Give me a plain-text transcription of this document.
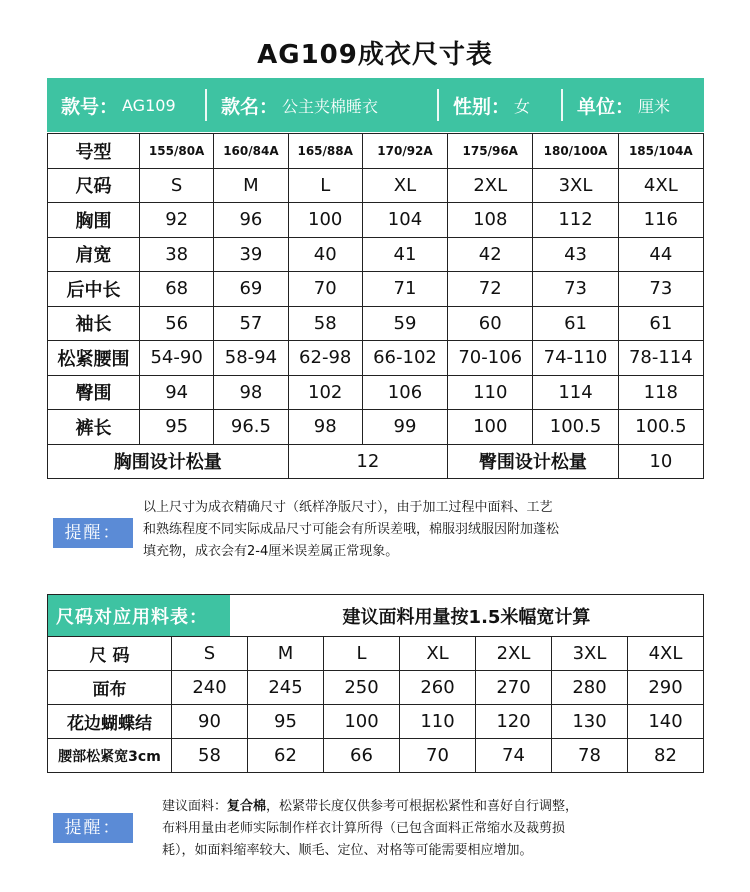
AG109成衣尺寸表
款号： AG109 款名： 公主夹棉睡衣	性别： 女 单位： 厘米
号型	155/80A	160/84A	165/88A	170/92A	175/96A	180/100A	185/104A
尺码	S	M	L	XL	2XL	3XL	4XL
胸围	92	96	100	104	108	112	116
肩宽	38	39	40	41	42	43	44
后中长	68	69	70	71	72	73	73
袖长	56	57	58	59	60	61	61
松紧腰围	54-90	58-94	62-98	66-102	70-106	74-110	78-114
臀围	94	98	102	106	110	114	118
裤长	95	96.5	98	99	100	100.5	100.5
胸围设计松量			12		臀围设计松量		10
提醒：
以上尺寸为成衣精确尺寸（纸样净版尺寸），由于加工过程中面料、工艺
和熟练程度不同实际成品尺寸可能会有所误差哦，棉服羽绒服因附加蓬松
填充物，成衣会有2-4厘米误差属正常现象。
尺码对应用料表：	建议面料用量按1.5米幅宽计算
尺 码	S	M	L	XL	2XL	3XL	4XL
面布	240	245	250	260	270	280	290
花边蝴蝶结	90	95	100	110	120	130	140
腰部松紧宽3cm	58	62	66	70	74	78	82
提醒：
建议面料：复合棉，松紧带长度仅供参考可根据松紧性和喜好自行调整，
布料用量由老师实际制作样衣计算所得（已包含面料正常缩水及裁剪损
耗），如面料缩率较大、顺毛、定位、对格等可能需要相应增加。
